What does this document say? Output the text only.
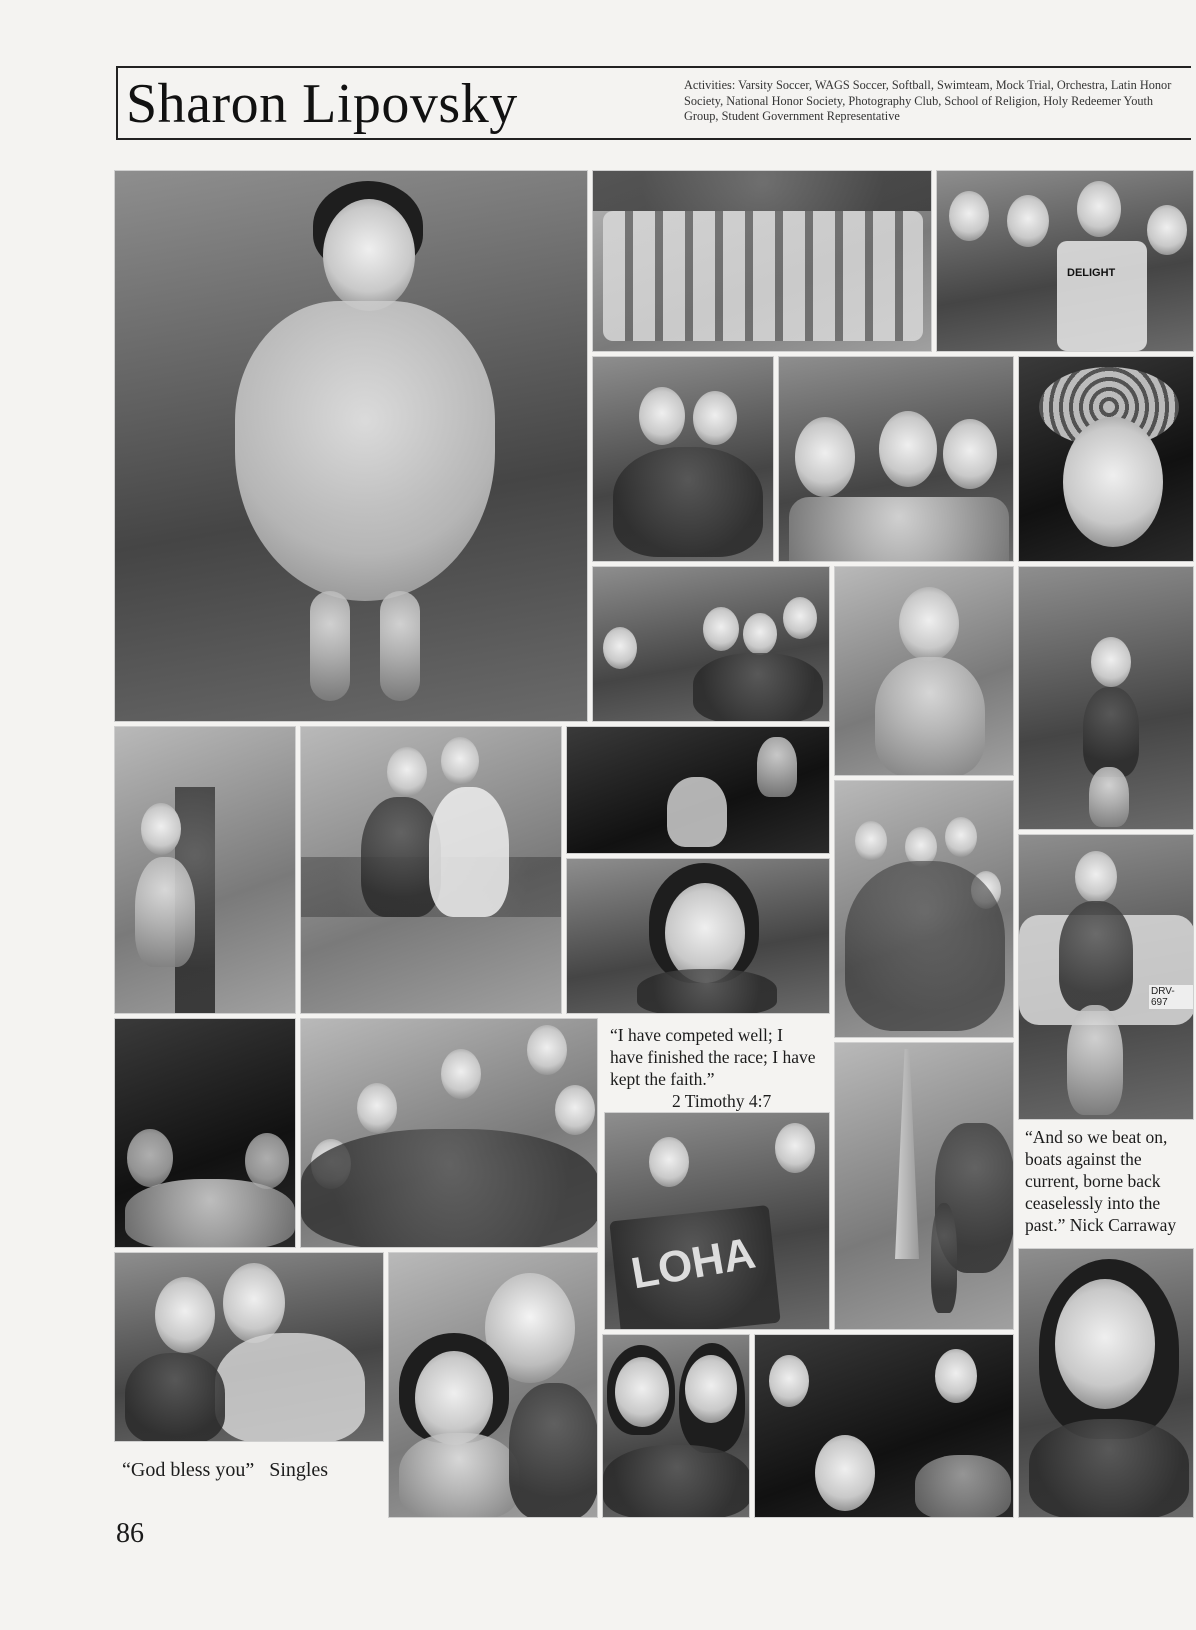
Sharon Lipovsky	Activities: Varsity Soccer, WAGS Soccer, Softball, Swimteam, Mock Trial, Orchestra, Latin Honor Society, National Honor Society, Photography Club, School of Religion, Holy Redeemer Youth Group, Student Government Representative
DELIGHT
DRV-697
“I have competed well; I have finished the race; I have kept the faith.”
2 Timothy 4:7
“And so we beat on, boats against the current, borne back ceaselessly into the past.” Nick Carraway
LOHA
“God bless you”   Singles
86
